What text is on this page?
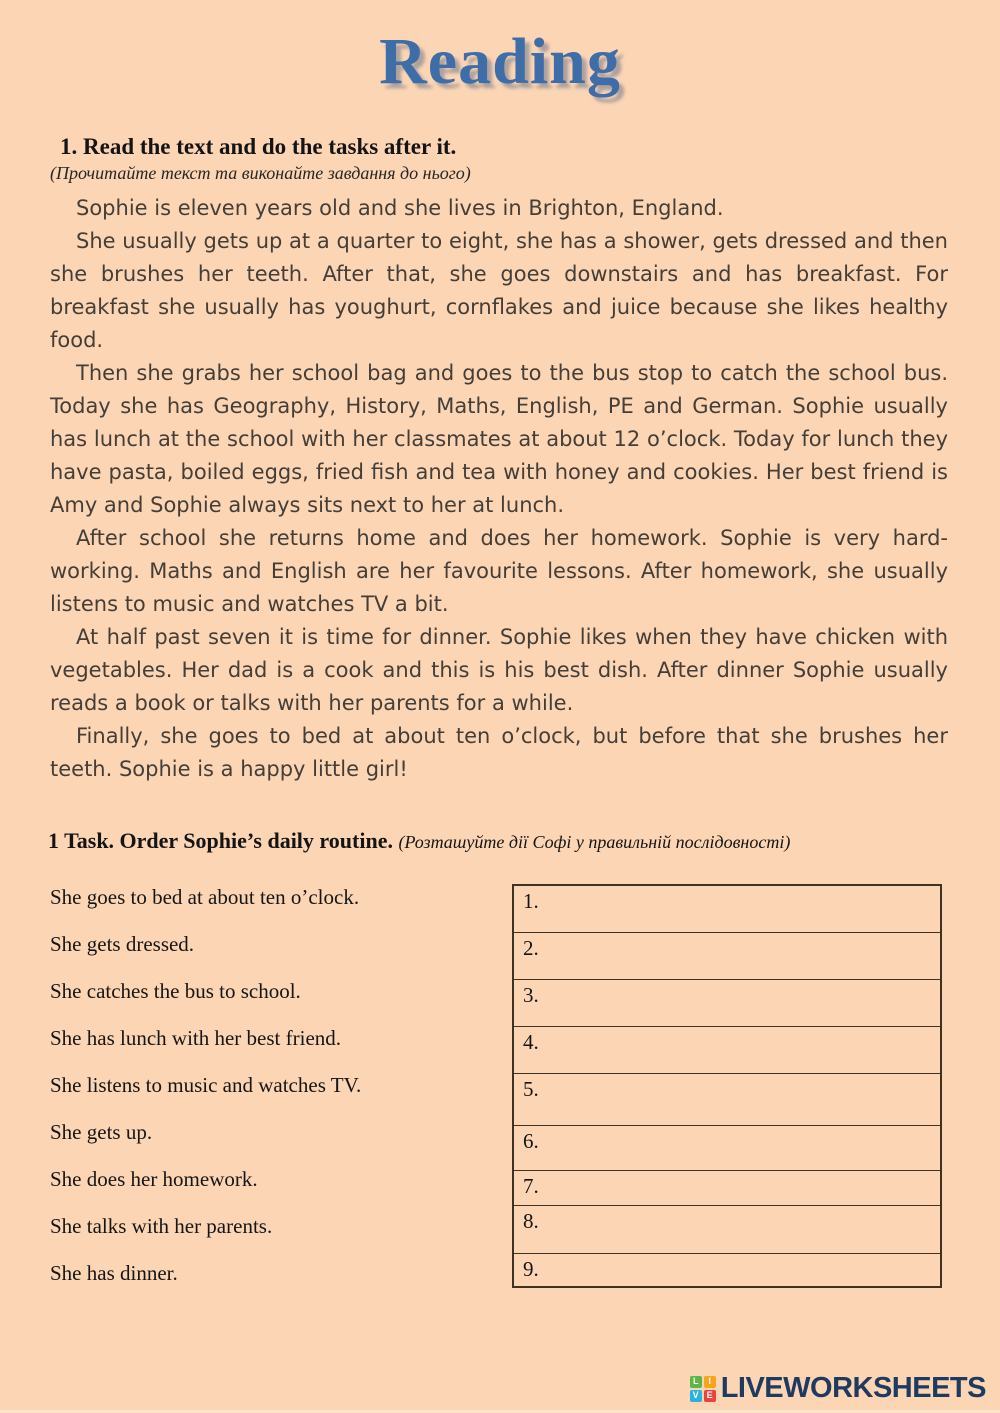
Reading
1. Read the text and do the tasks after it.
(Прочитайте текст та виконайте завдання до нього)

Sophie is eleven years old and she lives in Brighton, England.

She usually gets up at a quarter to eight, she has a shower, gets dressed and then she brushes her teeth. After that, she goes downstairs and has breakfast. For breakfast she usually has youghurt, cornflakes and juice because she likes healthy food.

Then she grabs her school bag and goes to the bus stop to catch the school bus. Today she has Geography, History, Maths, English, PE and German. Sophie usually has lunch at the school with her classmates at about 12 o’clock. Today for lunch they have pasta, boiled eggs, fried fish and tea with honey and cookies. Her best friend is Amy and Sophie always sits next to her at lunch.

After school she returns home and does her homework. Sophie is very hard-working. Maths and English are her favourite lessons. After homework, she usually listens to music and watches TV a bit.

At half past seven it is time for dinner. Sophie likes when they have chicken with vegetables. Her dad is a cook and this is his best dish. After dinner Sophie usually reads a book or talks with her parents for a while.

Finally, she goes to bed at about ten o’clock, but before that she brushes her teeth. Sophie is a happy little girl!

1 Task. Order Sophie’s daily routine. (Розташуйте дії Софі у правильній послідовності)
She goes to bed at about ten o’clock.
She gets dressed.
She catches the bus to school.
She has lunch with her best friend.
She listens to music and watches TV.
She gets up.
She does her homework.
She talks with her parents.
She has dinner.
1.
2.
3.
4.
5.
6.
7.
8.
9.
L	I
V E LIVEWORKSHEETS
